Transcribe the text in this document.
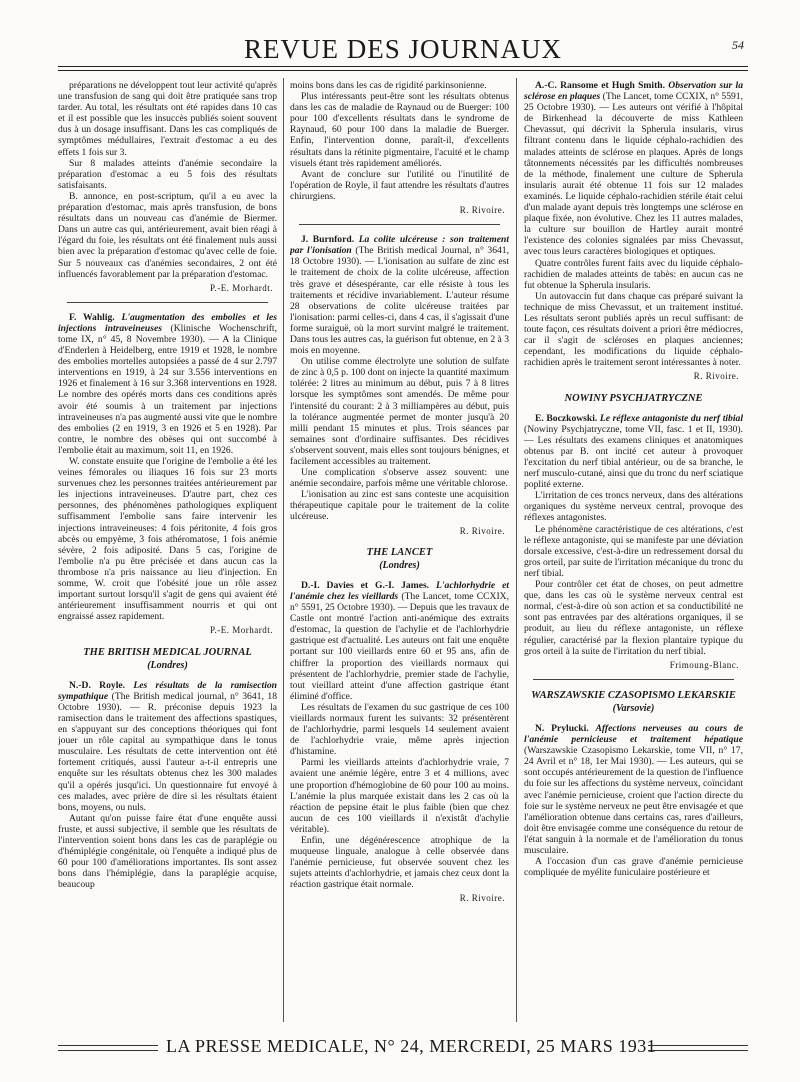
REVUE DES JOURNAUX	54

préparations ne développent tout leur activité qu'après une transfusion de sang qui doit être pratiquée sans trop tarder. Au total, les résultats ont été rapides dans 10 cas et il est possible que les insuccès publiés soient souvent dus à un dosage insuffisant. Dans les cas compliqués de symptômes médullaires, l'extrait d'estomac a eu des effets 1 fois sur 3.

Sur 8 malades atteints d'anémie secondaire la préparation d'estomac a eu 5 fois des résultats satisfaisants.

B. annonce, en post-scriptum, qu'il a eu avec la préparation d'estomac, mais après transfusion, de bons résultats dans un nouveau cas d'anémie de Biermer. Dans un autre cas qui, antérieurement, avait bien réagi à l'égard du foie, les résultats ont été finalement nuls aussi bien avec la préparation d'estomac qu'avec celle de foie. Sur 5 nouveaux cas d'anémies secondaires, 2 ont été influencés favorablement par la préparation d'estomac.

P.-E. Morhardt.

F. Wahlig. L'augmentation des embolies et les injections intraveineuses (Klinische Wochenschrift, tome IX, n° 45, 8 Novembre 1930). — A la Clinique d'Enderlen à Heidelberg, entre 1919 et 1928, le nombre des embolies mortelles autopsiées a passé de 4 sur 2.797 interventions en 1919, à 24 sur 3.556 interventions en 1926 et finalement à 16 sur 3.368 interventions en 1928. Le nombre des opérés morts dans ces conditions après avoir été soumis à un traitement par injections intraveineuses n'a pas augmenté aussi vite que le nombre des embolies (2 en 1919, 3 en 1926 et 5 en 1928). Par contre, le nombre des obèses qui ont succombé à l'embolie était au maximum, soit 11, en 1926.

W. constate ensuite que l'origine de l'embolie a été les veines fémorales ou iliaques 16 fois sur 23 morts survenues chez les personnes traitées antérieurement par les injections intraveineuses. D'autre part, chez ces personnes, des phénomènes pathologiques expliquent suffisamment l'embolie sans faire intervenir les injections intraveineuses: 4 fois péritonite, 4 fois gros abcès ou empyème, 3 fois athéromatose, 1 fois anémie sévère, 2 fois adiposité. Dans 5 cas, l'origine de l'embolie n'a pu être précisée et dans aucun cas la thrombose n'a pris naissance au lieu d'injection. En somme, W. croit que l'obésité joue un rôle assez important surtout lorsqu'il s'agit de gens qui avaient été antérieurement insuffisamment nourris et qui ont engraissé assez rapidement.

P.-E. Morhardt.

THE BRITISH MEDICAL JOURNAL
(Londres)

N.-D. Royle. Les résultats de la ramisection sympathique (The British medical journal, n° 3641, 18 Octobre 1930). — R. préconise depuis 1923 la ramisection dans le traitement des affections spastiques, en s'appuyant sur des conceptions théoriques qui font jouer un rôle capital au sympathique dans le tonus musculaire. Les résultats de cette intervention ont été fortement critiqués, aussi l'auteur a-t-il entrepris une enquête sur les résultats obtenus chez les 300 malades qu'il a opérés jusqu'ici. Un questionnaire fut envoyé à ces malades, avec prière de dire si les résultats étaient bons, moyens, ou nuls.

Autant qu'on puisse faire état d'une enquête aussi fruste, et aussi subjective, il semble que les résultats de l'intervention soient bons dans les cas de paraplégie ou d'hémiplégie congénitale, où l'enquête a indiqué plus de 60 pour 100 d'améliorations importantes. Ils sont assez bons dans l'hémiplégie, dans la paraplégie acquise, beaucoup

moins bons dans les cas de rigidité parkinsonienne.

Plus intéressants peut-être sont les résultats obtenus dans les cas de maladie de Raynaud ou de Buerger: 100 pour 100 d'excellents résultats dans le syndrome de Raynaud, 60 pour 100 dans la maladie de Buerger. Enfin, l'intervention donne, paraît-il, d'excellents résultats dans la rétinite pigmentaire, l'acuité et le champ visuels étant très rapidement améliorés.

Avant de conclure sur l'utilité ou l'inutilité de l'opération de Royle, il faut attendre les résultats d'autres chirurgiens.

R. Rivoire.

J. Burnford. La colite ulcéreuse : son traitement par l'ionisation (The British medical Journal, n° 3641, 18 Octobre 1930). — L'ionisation au sulfate de zinc est le traitement de choix de la colite ulcéreuse, affection très grave et désespérante, car elle résiste à tous les traitements et récidive invariablement. L'auteur résume 28 observations de colite ulcéreuse traitées par l'ionisation: parmi celles-ci, dans 4 cas, il s'agissait d'une forme suraiguë, où la mort survint malgré le traitement. Dans tous les autres cas, la guérison fut obtenue, en 2 à 3 mois en moyenne.

On utilise comme électrolyte une solution de sulfate de zinc à 0,5 p. 100 dont on injecte la quantité maximum tolérée: 2 litres au minimum au début, puis 7 à 8 litres lorsque les symptômes sont amendés. De même pour l'intensité du courant: 2 à 3 milliampères au début, puis la tolérance augmentée permet de monter jusqu'à 20 milli pendant 15 minutes et plus. Trois séances par semaines sont d'ordinaire suffisantes. Des récidives s'observent souvent, mais elles sont toujours bénignes, et facilement accessibles au traitement.

Une complication s'observe assez souvent: une anémie secondaire, parfois même une véritable chlorose.

L'ionisation au zinc est sans conteste une acquisition thérapeutique capitale pour le traitement de la colite ulcéreuse.

R. Rivoire.

THE LANCET
(Londres)

D.-I. Davies et G.-I. James. L'achlorhydrie et l'anémie chez les vieillards (The Lancet, tome CCXIX, n° 5591, 25 Octobre 1930). — Depuis que les travaux de Castle ont montré l'action anti-anémique des extraits d'estomac, la question de l'achylie et de l'achlorhydrie gastrique est d'actualité. Les auteurs ont fait une enquête portant sur 100 vieillards entre 60 et 95 ans, afin de chiffrer la proportion des vieillards normaux qui présentent de l'achlorhydrie, premier stade de l'achylie, tout vieillard atteint d'une affection gastrique étant éliminé d'office.

Les résultats de l'examen du suc gastrique de ces 100 vieillards normaux furent les suivants: 32 présentèrent de l'achlorhydrie, parmi lesquels 14 seulement avaient de l'achlorhydrie vraie, même après injection d'histamine.

Parmi les vieillards atteints d'achlorhydrie vraie, 7 avaient une anémie légère, entre 3 et 4 millions, avec une proportion d'hémoglobine de 60 pour 100 au moins. L'anémie la plus marquée existait dans les 2 cas où la réaction de pepsine était le plus faible (bien que chez aucun de ces 100 vieillards il n'existât d'achylie véritable).

Enfin, une dégénérescence atrophique de la muqueuse linguale, analogue à celle observée dans l'anémie pernicieuse, fut observée souvent chez les sujets atteints d'achlorhydrie, et jamais chez ceux dont la réaction gastrique était normale.

R. Rivoire.

A.-C. Ransome et Hugh Smith. Observation sur la sclérose en plaques (The Lancet, tome CCXIX, n° 5591, 25 Octobre 1930). — Les auteurs ont vérifié à l'hôpital de Birkenhead la découverte de miss Kathleen Chevassut, qui décrivit la Spherula insularis, virus filtrant contenu dans le liquide céphalo-rachidien des malades atteints de sclérose en plaques. Après de longs tâtonnements nécessités par les difficultés nombreuses de la méthode, finalement une culture de Spherula insularis aurait été obtenue 11 fois sur 12 malades examinés. Le liquide céphalo-rachidien stérile était celui d'un malade ayant depuis très longtemps une sclérose en plaque fixée, non évolutive. Chez les 11 autres malades, la culture sur bouillon de Hartley aurait montré l'existence des colonies signalées par miss Chevassut, avec tous leurs caractères biologiques et optiques.

Quatre contrôles furent faits avec du liquide céphalo-rachidien de malades atteints de tabès: en aucun cas ne fut obtenue la Spherula insularis.

Un autovaccin fut dans chaque cas préparé suivant la technique de miss Chevassut, et un traitement institué. Les résultats seront publiés après un recul suffisant: de toute façon, ces résultats doivent a priori être médiocres, car il s'agit de scléroses en plaques anciennes; cependant, les modifications du liquide céphalo-rachidien après le traitement seront intéressantes à noter.

R. Rivoire.

NOWINY PSYCHJATRYCZNE

E. Boczkowski. Le réflexe antagoniste du nerf tibial (Nowiny Psychjatryczne, tome VII, fasc. 1 et II, 1930). — Les résultats des examens cliniques et anatomiques obtenus par B. ont incité cet auteur à provoquer l'excitation du nerf tibial antérieur, ou de sa branche, le nerf musculo-cutané, ainsi que du tronc du nerf sciatique poplité externe.

L'irritation de ces troncs nerveux, dans des altérations organiques du système nerveux central, provoque des réflexes antagonistes.

Le phénomène caractéristique de ces altérations, c'est le réflexe antagoniste, qui se manifeste par une déviation dorsale excessive, c'est-à-dire un redressement dorsal du gros orteil, par suite de l'irritation mécanique du tronc du nerf tibial.

Pour contrôler cet état de choses, on peut admettre que, dans les cas où le système nerveux central est normal, c'est-à-dire où son action et sa conductibilité ne sont pas entravées par des altérations organiques, il se produit, au lieu du réflexe antagoniste, un réflexe régulier, caractérisé par la flexion plantaire typique du gros orteil à la suite de l'irritation du nerf tibial.

Frimoung-Blanc.

WARSZAWSKIE CZASOPISMO LEKARSKIE
(Varsovie)

N. Prylucki. Affections nerveuses au cours de l'anémie pernicieuse et traitement hépatique (Warszawskie Czasopismo Lekarskie, tome VII, n° 17, 24 Avril et n° 18, 1er Mai 1930). — Les auteurs, qui se sont occupés antérieurement de la question de l'influence du foie sur les affections du système nerveux, coïncidant avec l'anémie pernicieuse, croient que l'action directe du foie sur le système nerveux ne peut être envisagée et que l'amélioration obtenue dans certains cas, rares d'ailleurs, doit être envisagée comme une conséquence du retour de l'état sanguin à la normale et de l'amélioration du tonus musculaire.

A l'occasion d'un cas grave d'anémie pernicieuse compliquée de myélite funiculaire postérieure et

LA PRESSE MEDICALE, N° 24, MERCREDI, 25 MARS 1931
